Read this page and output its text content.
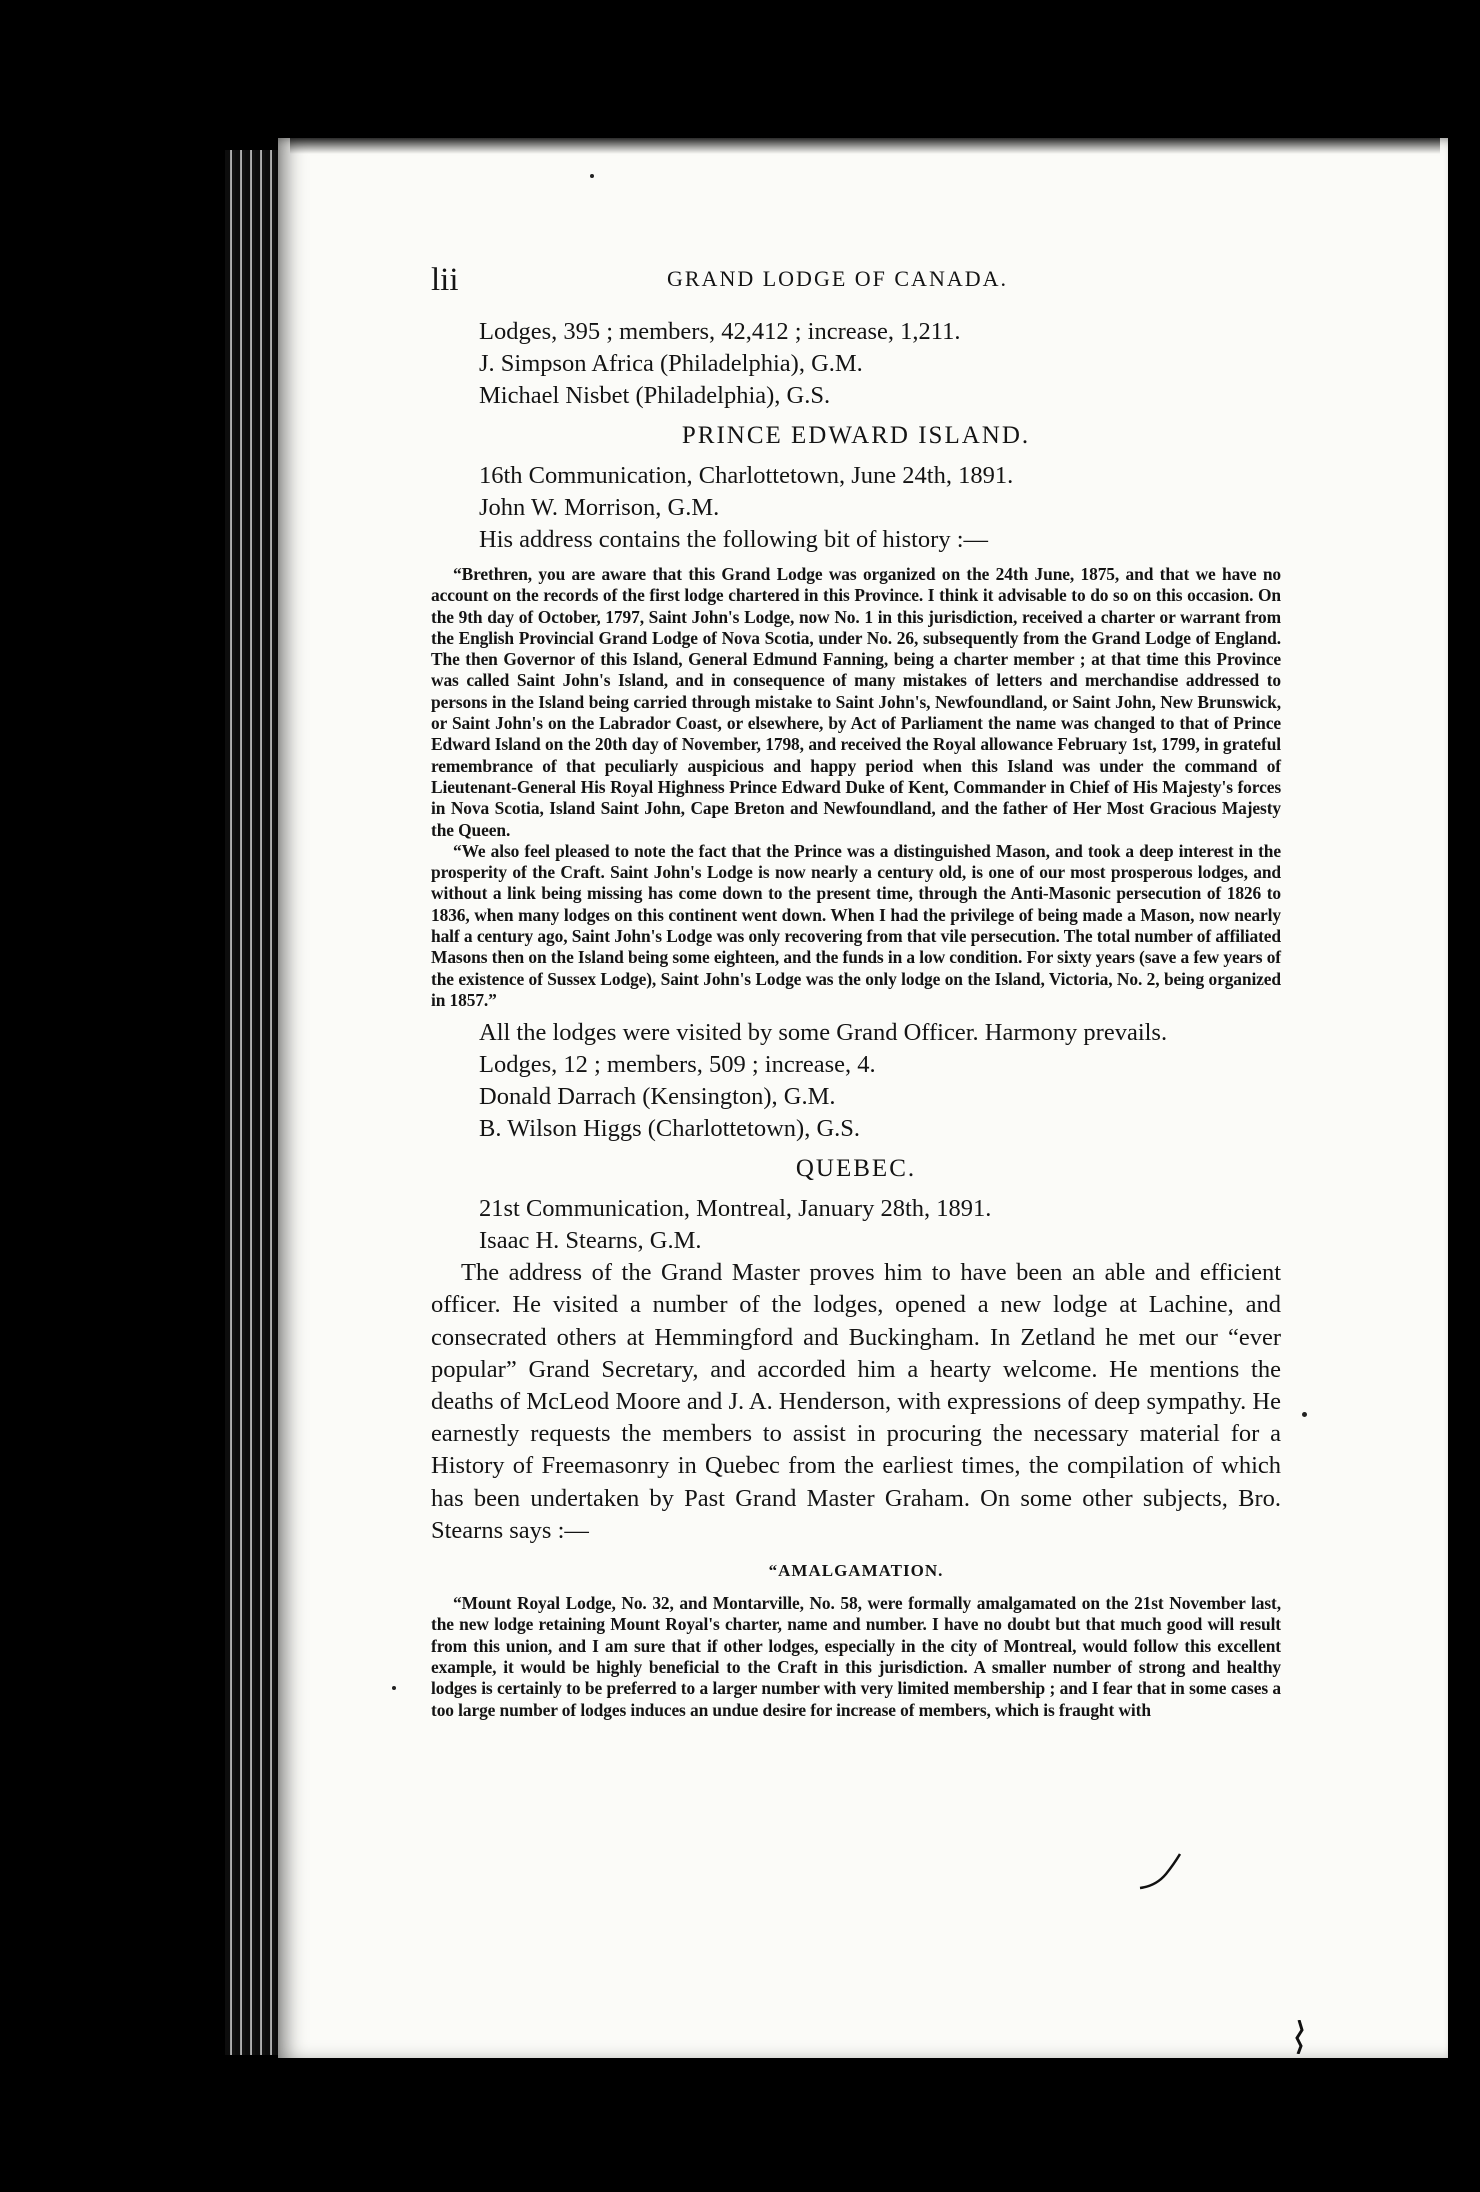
lii	GRAND LODGE OF CANADA.

Lodges, 395 ; members, 42,412 ; increase, 1,211.

J. Simpson Africa (Philadelphia), G.M.

Michael Nisbet (Philadelphia), G.S.

PRINCE EDWARD ISLAND.

16th Communication, Charlottetown, June 24th, 1891.

John W. Morrison, G.M.

His address contains the following bit of history :—

“Brethren, you are aware that this Grand Lodge was organized on the 24th June, 1875, and that we have no account on the records of the first lodge chartered in this Province. I think it advisable to do so on this occasion. On the 9th day of October, 1797, Saint John's Lodge, now No. 1 in this jurisdiction, received a charter or warrant from the English Provincial Grand Lodge of Nova Scotia, under No. 26, subsequently from the Grand Lodge of England. The then Governor of this Island, General Edmund Fanning, being a charter member ; at that time this Province was called Saint John's Island, and in consequence of many mistakes of letters and merchandise addressed to persons in the Island being carried through mistake to Saint John's, Newfoundland, or Saint John, New Brunswick, or Saint John's on the Labrador Coast, or elsewhere, by Act of Parliament the name was changed to that of Prince Edward Island on the 20th day of November, 1798, and received the Royal allowance February 1st, 1799, in grateful remembrance of that peculiarly auspicious and happy period when this Island was under the command of Lieutenant-General His Royal Highness Prince Edward Duke of Kent, Commander in Chief of His Majesty's forces in Nova Scotia, Island Saint John, Cape Breton and Newfoundland, and the father of Her Most Gracious Majesty the Queen.

“We also feel pleased to note the fact that the Prince was a distinguished Mason, and took a deep interest in the prosperity of the Craft. Saint John's Lodge is now nearly a century old, is one of our most prosperous lodges, and without a link being missing has come down to the present time, through the Anti-Masonic persecution of 1826 to 1836, when many lodges on this continent went down. When I had the privilege of being made a Mason, now nearly half a century ago, Saint John's Lodge was only recovering from that vile persecution. The total number of affiliated Masons then on the Island being some eighteen, and the funds in a low condition. For sixty years (save a few years of the existence of Sussex Lodge), Saint John's Lodge was the only lodge on the Island, Victoria, No. 2, being organized in 1857.”

All the lodges were visited by some Grand Officer. Harmony prevails.

Lodges, 12 ; members, 509 ; increase, 4.

Donald Darrach (Kensington), G.M.

B. Wilson Higgs (Charlottetown), G.S.

QUEBEC.

21st Communication, Montreal, January 28th, 1891.

Isaac H. Stearns, G.M.

The address of the Grand Master proves him to have been an able and efficient officer. He visited a number of the lodges, opened a new lodge at Lachine, and consecrated others at Hemmingford and Buckingham. In Zetland he met our “ever popular” Grand Secretary, and accorded him a hearty welcome. He mentions the deaths of McLeod Moore and J. A. Henderson, with expressions of deep sympathy. He earnestly requests the members to assist in procuring the necessary material for a History of Freemasonry in Quebec from the earliest times, the compilation of which has been undertaken by Past Grand Master Graham. On some other subjects, Bro. Stearns says :—

“AMALGAMATION.

“Mount Royal Lodge, No. 32, and Montarville, No. 58, were formally amalgamated on the 21st November last, the new lodge retaining Mount Royal's charter, name and number. I have no doubt but that much good will result from this union, and I am sure that if other lodges, especially in the city of Montreal, would follow this excellent example, it would be highly beneficial to the Craft in this jurisdiction. A smaller number of strong and healthy lodges is certainly to be preferred to a larger number with very limited membership ; and I fear that in some cases a too large number of lodges induces an undue desire for increase of members, which is fraught with
